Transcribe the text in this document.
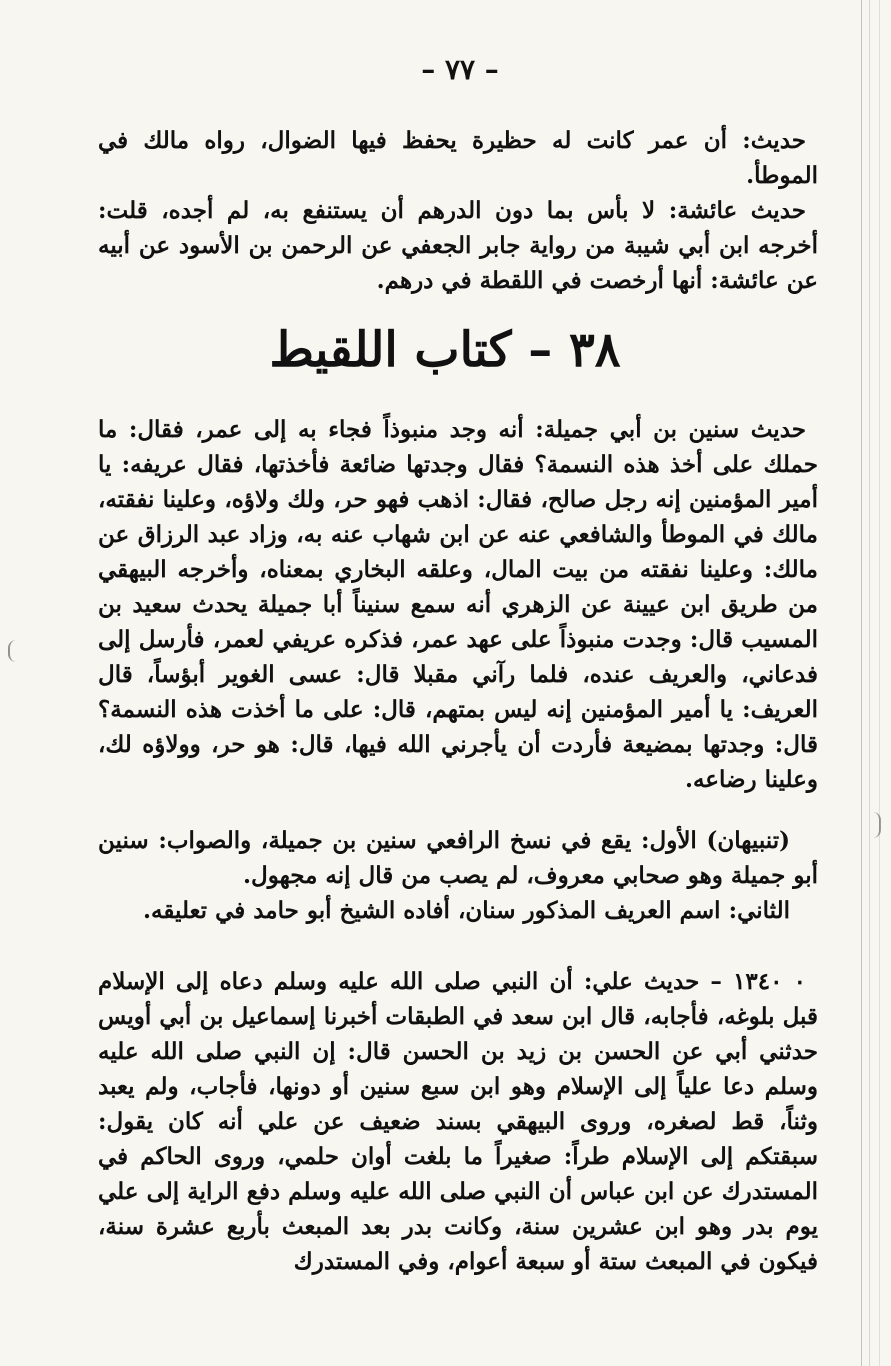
– ٧٧ –

حديث: أن عمر كانت له حظيرة يحفظ فيها الضوال، رواه مالك في الموطأ.

حديث عائشة: لا بأس بما دون الدرهم أن يستنفع به، لم أجده، قلت: أخرجه ابن أبي شيبة من رواية جابر الجعفي عن الرحمن بن الأسود عن أبيه عن عائشة: أنها أرخصت في اللقطة في درهم.

٣٨ – كتاب اللقيط

حديث سنين بن أبي جميلة: أنه وجد منبوذاً فجاء به إلى عمر، فقال: ما حملك على أخذ هذه النسمة؟ فقال وجدتها ضائعة فأخذتها، فقال عريفه: يا أمير المؤمنين إنه رجل صالح، فقال: اذهب فهو حر، ولك ولاؤه، وعلينا نفقته، مالك في الموطأ والشافعي عنه عن ابن شهاب عنه به، وزاد عبد الرزاق عن مالك: وعلينا نفقته من بيت المال، وعلقه البخاري بمعناه، وأخرجه البيهقي من طريق ابن عيينة عن الزهري أنه سمع سنيناً أبا جميلة يحدث سعيد بن المسيب قال: وجدت منبوذاً على عهد عمر، فذكره عريفي لعمر، فأرسل إلى فدعاني، والعريف عنده، فلما رآني مقبلا قال: عسى الغوير أبؤساً، قال العريف: يا أمير المؤمنين إنه ليس بمتهم، قال: على ما أخذت هذه النسمة؟ قال: وجدتها بمضيعة فأردت أن يأجرني الله فيها، قال: هو حر، وولاؤه لك، وعلينا رضاعه.

(تنبيهان) الأول: يقع في نسخ الرافعي سنين بن جميلة، والصواب: سنين أبو جميلة وهو صحابي معروف، لم يصب من قال إنه مجهول.

الثاني: اسم العريف المذكور سنان، أفاده الشيخ أبو حامد في تعليقه.

٠ ١٣٤٠ – حديث علي: أن النبي صلى الله عليه وسلم دعاه إلى الإسلام قبل بلوغه، فأجابه، قال ابن سعد في الطبقات أخبرنا إسماعيل بن أبي أويس حدثني أبي عن الحسن بن زيد بن الحسن قال: إن النبي صلى الله عليه وسلم دعا علياً إلى الإسلام وهو ابن سبع سنين أو دونها، فأجاب، ولم يعبد وثناً، قط لصغره، وروى البيهقي بسند ضعيف عن علي أنه كان يقول: سبقتكم إلى الإسلام طراً: صغيراً ما بلغت أوان حلمي، وروى الحاكم في المستدرك عن ابن عباس أن النبي صلى الله عليه وسلم دفع الراية إلى علي يوم بدر وهو ابن عشرين سنة، وكانت بدر بعد المبعث بأربع عشرة سنة، فيكون في المبعث ستة أو سبعة أعوام، وفي المستدرك
